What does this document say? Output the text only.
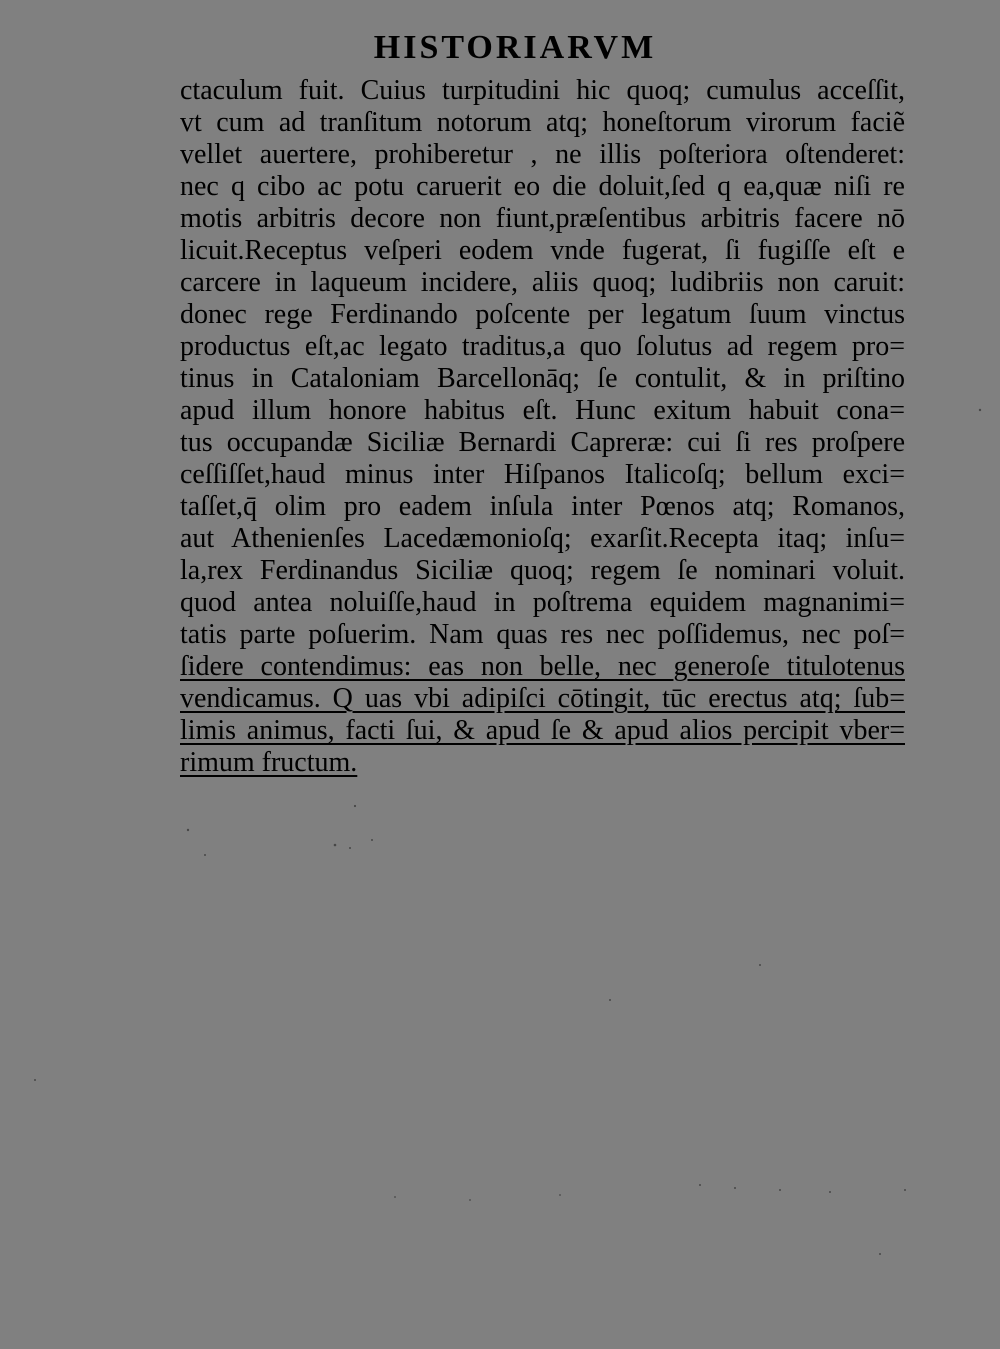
HISTORIARVM
ctaculum fuit. Cuius turpitudini hic quoq; cumulus acceſſit,
vt cum ad tranſitum notorum atq; honeſtorum virorum faciẽ
vellet auertere, prohiberetur , ne illis poſteriora oſtenderet:
nec q cibo ac potu caruerit eo die doluit,ſed q ea,quæ niſi re
motis arbitris decore non fiunt,præſentibus arbitris facere nō
licuit.Receptus veſperi eodem vnde fugerat, ſi fugiſſe eſt e
carcere in laqueum incidere, aliis quoq; ludibriis non caruit:
donec rege Ferdinando poſcente per legatum ſuum vinctus
productus eſt,ac legato traditus,a quo ſolutus ad regem pro=
tinus in Cataloniam Barcellonāq; ſe contulit, & in priſtino
apud illum honore habitus eſt. Hunc exitum habuit cona=
tus occupandæ Siciliæ Bernardi Capreræ: cui ſi res proſpere
ceſſiſſet,haud minus inter Hiſpanos Italicoſq; bellum exci=
taſſet,q̄ olim pro eadem inſula inter Pœnos atq; Romanos,
aut Athenienſes Lacedæmonioſq; exarſit.Recepta itaq; inſu=
la,rex Ferdinandus Siciliæ quoq; regem ſe nominari voluit.
quod antea noluiſſe,haud in poſtrema equidem magnanimi=
tatis parte poſuerim. Nam quas res nec poſſidemus, nec poſ=
ſidere contendimus: eas non belle, nec generoſe titulotenus
vendicamus. Q uas vbi adipiſci cōtingit, tūc erectus atq; ſub=
limis animus, facti ſui, & apud ſe & apud alios percipit vber=
rimum fructum.
